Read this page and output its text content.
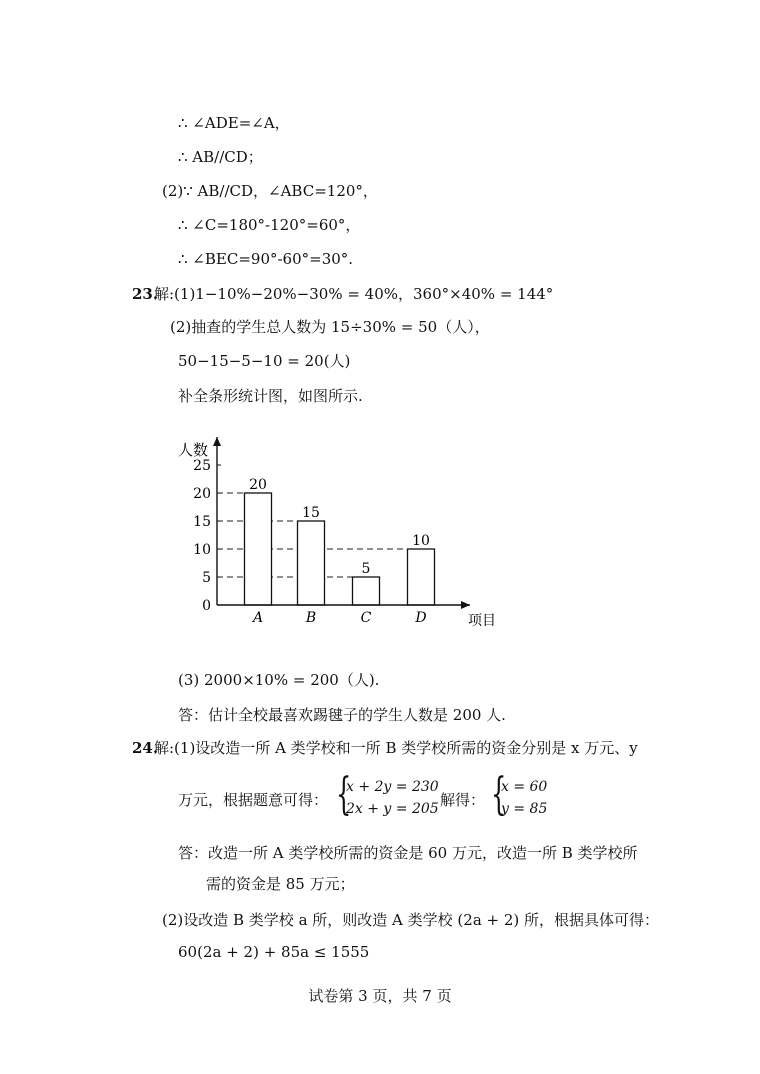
∴ ∠ADE=∠A，
∴ AB//CD；
(2)∵ AB//CD，∠ABC=120°，
∴ ∠C=180°-120°=60°，
∴ ∠BEC=90°-60°=30°.
23.
解:(1)1−10%−20%−30% = 40%，360°×40% = 144°
(2)抽查的学生总人数为 15÷30% = 50（人），
50−15−5−10 = 20(人)
补全条形统计图，如图所示.
20
A
15
B
5
C
10
D
0
5
10
15
20
25
人数
项目
(3) 2000×10% = 200（人).
答：估计全校最喜欢踢毽子的学生人数是 200 人.
24.
解:(1)设改造一所 A 类学校和一所 B 类学校所需的资金分别是 x 万元、y
万元，根据题意可得： {
x + 2y = 230
2x + y = 205 解得： {
x = 60
y = 85
答：改造一所 A 类学校所需的资金是 60 万元，改造一所 B 类学校所
需的资金是 85 万元；
(2)设改造 B 类学校 a 所，则改造 A 类学校 (2a + 2) 所，根据具体可得：
60(2a + 2) + 85a ≤ 1555
试卷第 3 页，共 7 页
